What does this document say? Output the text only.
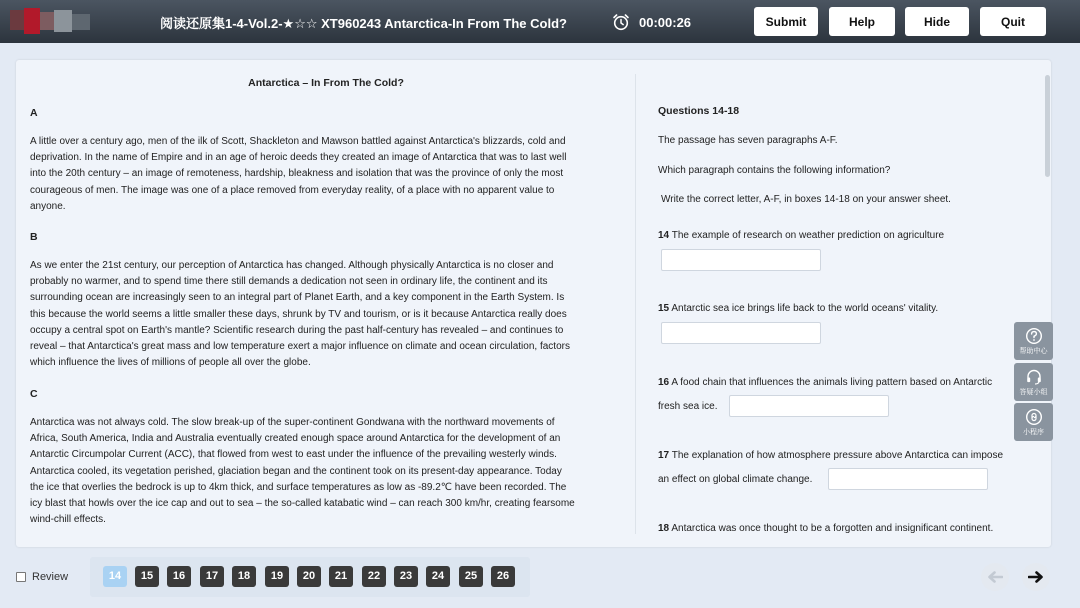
阅读还原集1-4-Vol.2-★☆☆ XT960243 Antarctica-In From The Cold?	00:00:26	Submit	Help	Hide	Quit
Antarctica – In From The Cold?
A
A little over a century ago, men of the ilk of Scott, Shackleton and Mawson battled against Antarctica's blizzards, cold and
deprivation. In the name of Empire and in an age of heroic deeds they created an image of Antarctica that was to last well
into the 20th century – an image of remoteness, hardship, bleakness and isolation that was the province of only the most
courageous of men. The image was one of a place removed from everyday reality, of a place with no apparent value to
anyone.
B
As we enter the 21st century, our perception of Antarctica has changed. Although physically Antarctica is no closer and
probably no warmer, and to spend time there still demands a dedication not seen in ordinary life, the continent and its
surrounding ocean are increasingly seen to an integral part of Planet Earth, and a key component in the Earth System. Is
this because the world seems a little smaller these days, shrunk by TV and tourism, or is it because Antarctica really does
occupy a central spot on Earth's mantle? Scientific research during the past half-century has revealed – and continues to
reveal – that Antarctica's great mass and low temperature exert a major influence on climate and ocean circulation, factors
which influence the lives of millions of people all over the globe.
C
Antarctica was not always cold. The slow break-up of the super-continent Gondwana with the northward movements of
Africa, South America, India and Australia eventually created enough space around Antarctica for the development of an
Antarctic Circumpolar Current (ACC), that flowed from west to east under the influence of the prevailing westerly winds.
Antarctica cooled, its vegetation perished, glaciation began and the continent took on its present-day appearance. Today
the ice that overlies the bedrock is up to 4km thick, and surface temperatures as low as -89.2℃ have been recorded. The
icy blast that howls over the ice cap and out to sea – the so-called katabatic wind – can reach 300 km/hr, creating fearsome
wind-chill effects.
Questions 14-18
The passage has seven paragraphs A-F.
Which paragraph contains the following information?
Write the correct letter, A-F, in boxes 14-18 on your answer sheet.
14 The example of research on weather prediction on agriculture
15 Antarctic sea ice brings life back to the world oceans' vitality.
16 A food chain that influences the animals living pattern based on Antarctic
fresh sea ice.
17 The explanation of how atmosphere pressure above Antarctica can impose
an effect on global climate change.
18 Antarctica was once thought to be a forgotten and insignificant continent.
帮助中心
答疑小组
小程序
Review	14	15	16	17	18	19	20	21	22	23	24	25	26
